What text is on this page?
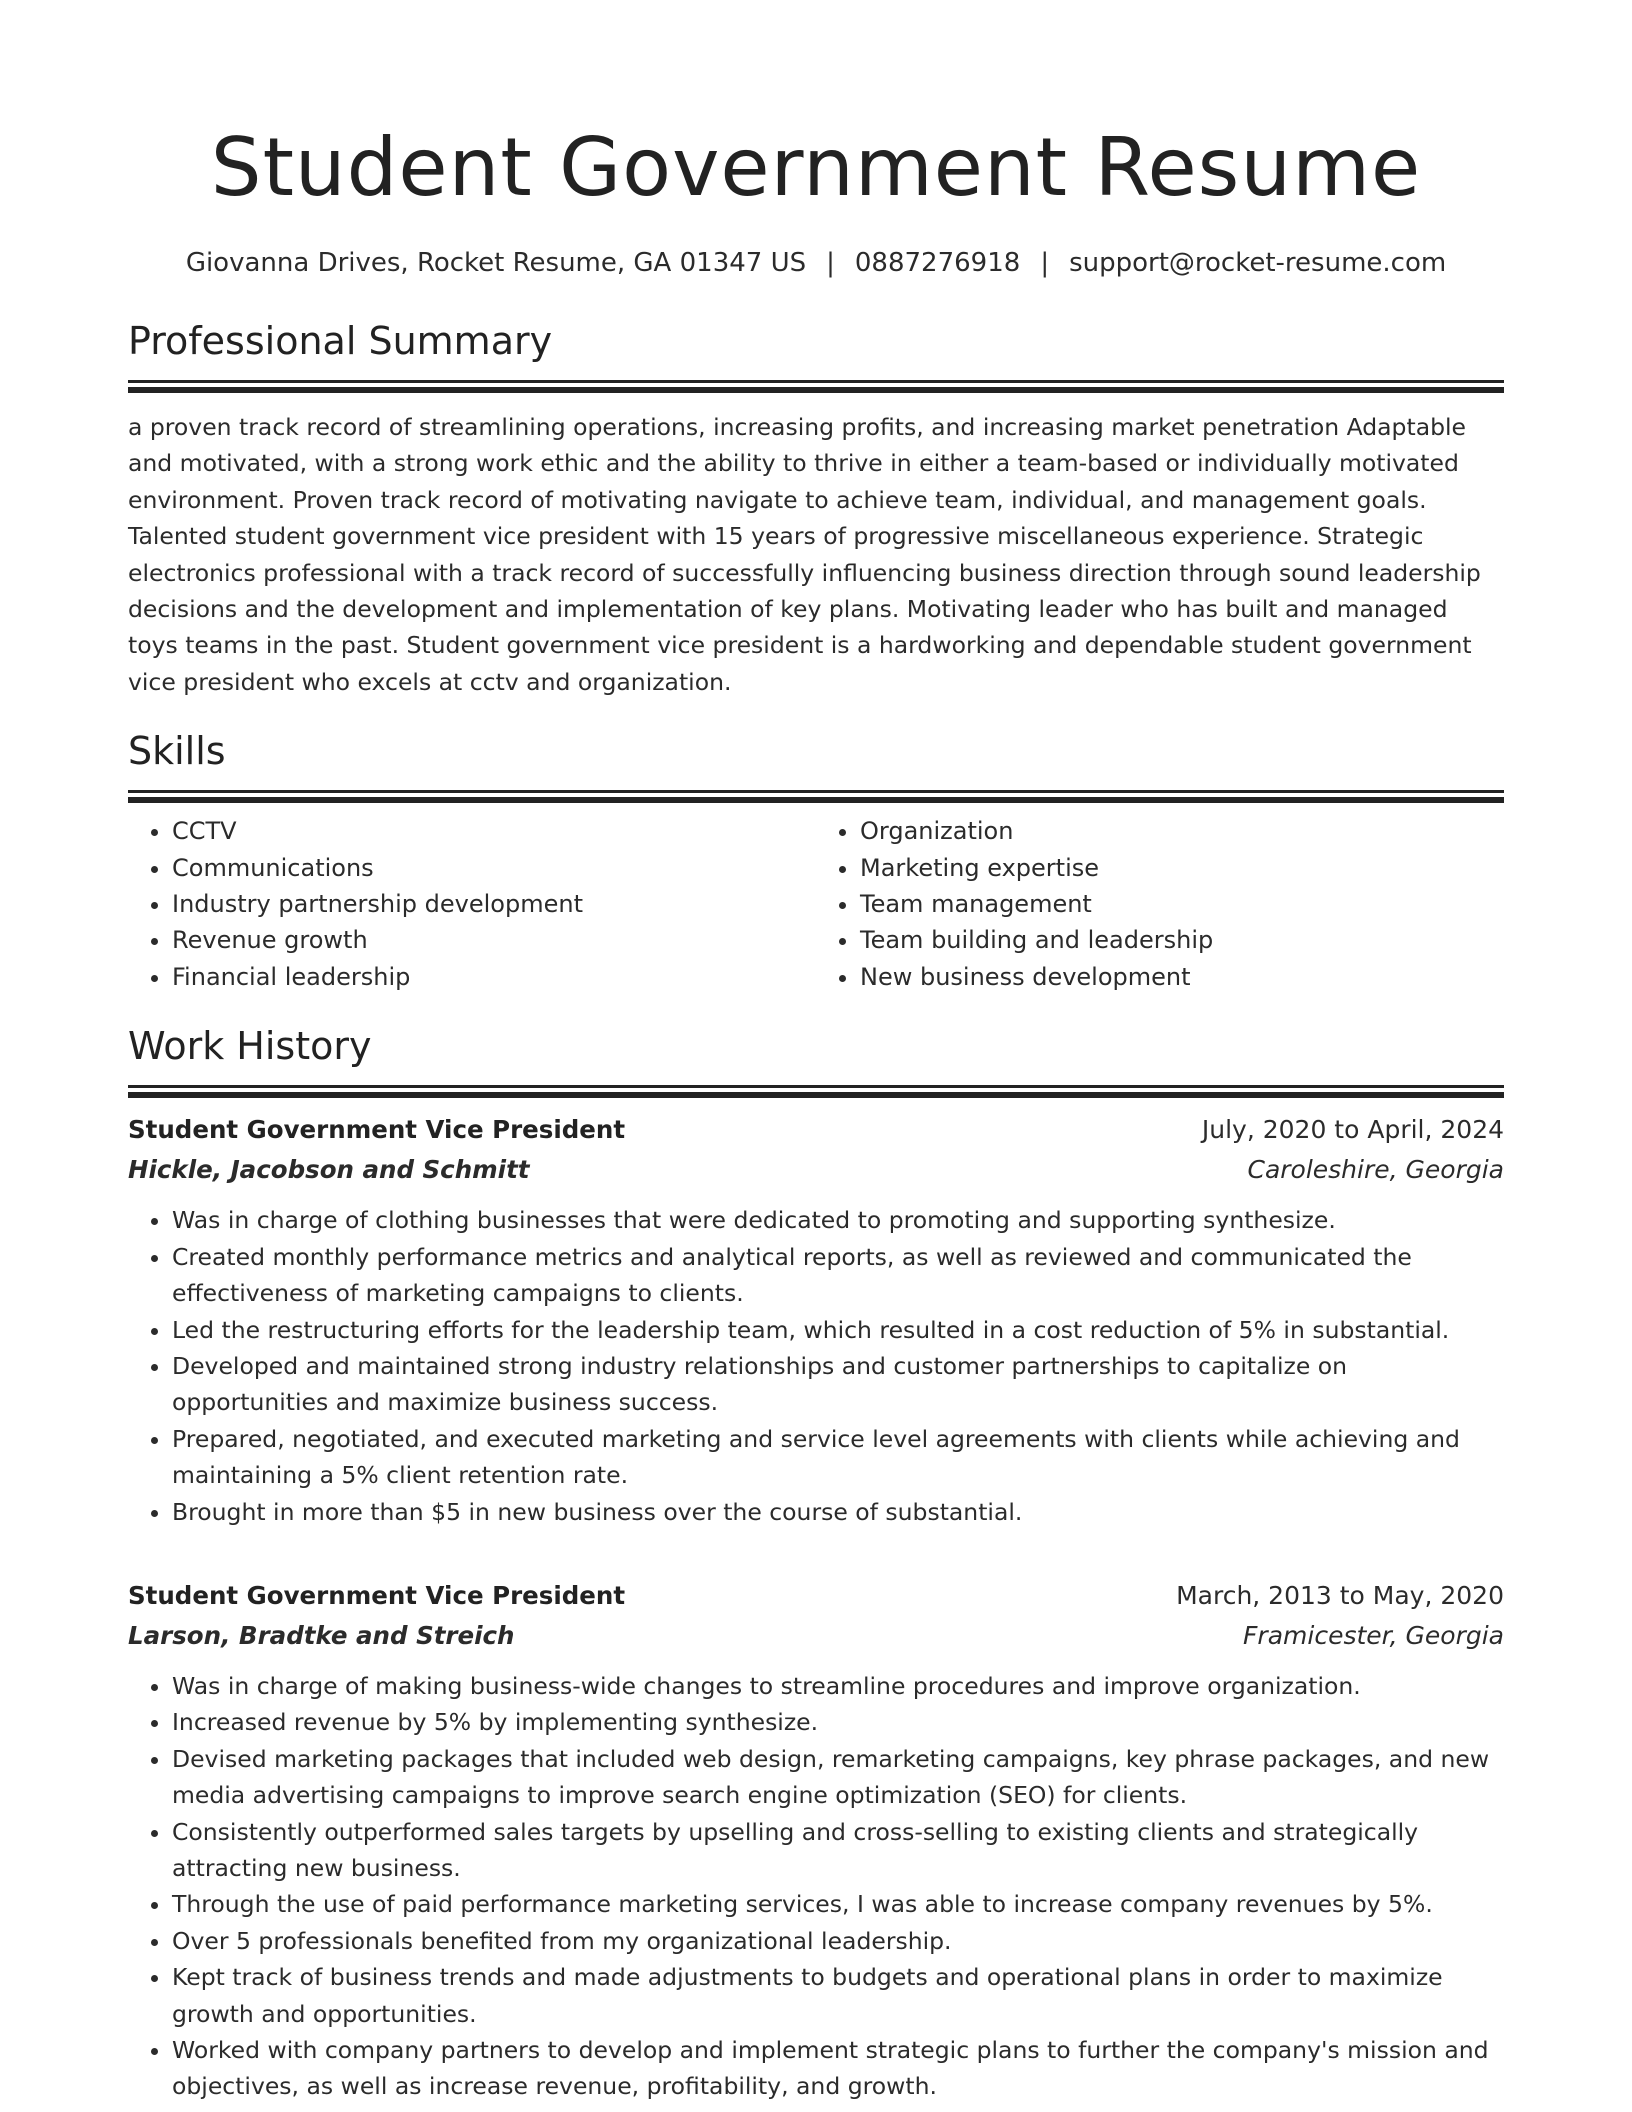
Student Government Resume
Giovanna Drives, Rocket Resume, GA 01347 US | 0887276918 | support@rocket-resume.com
Professional Summary

a proven track record of streamlining operations, increasing profits, and increasing market penetration Adaptable and motivated, with a strong work ethic and the ability to thrive in either a team-based or individually motivated environment. Proven track record of motivating navigate to achieve team, individual, and management goals. Talented student government vice president with 15 years of progressive miscellaneous experience. Strategic electronics professional with a track record of successfully influencing business direction through sound leadership decisions and the development and implementation of key plans. Motivating leader who has built and managed toys teams in the past. Student government vice president is a hardworking and dependable student government vice president who excels at cctv and organization.

Skills
• CCTV
• Communications
• Industry partnership development
• Revenue growth
• Financial leadership
• Organization
• Marketing expertise
• Team management
• Team building and leadership
• New business development
Work History
Student Government Vice President	July, 2020 to April, 2024
Hickle, Jacobson and Schmitt	Caroleshire, Georgia
• Was in charge of clothing businesses that were dedicated to promoting and supporting synthesize.
• Created monthly performance metrics and analytical reports, as well as reviewed and communicated the effectiveness of marketing campaigns to clients.
• Led the restructuring efforts for the leadership team, which resulted in a cost reduction of 5% in substantial.
• Developed and maintained strong industry relationships and customer partnerships to capitalize on opportunities and maximize business success.
• Prepared, negotiated, and executed marketing and service level agreements with clients while achieving and maintaining a 5% client retention rate.
• Brought in more than $5 in new business over the course of substantial.
Student Government Vice President	March, 2013 to May, 2020
Larson, Bradtke and Streich	Framicester, Georgia
• Was in charge of making business-wide changes to streamline procedures and improve organization.
• Increased revenue by 5% by implementing synthesize.
• Devised marketing packages that included web design, remarketing campaigns, key phrase packages, and new media advertising campaigns to improve search engine optimization (SEO) for clients.
• Consistently outperformed sales targets by upselling and cross-selling to existing clients and strategically attracting new business.
• Through the use of paid performance marketing services, I was able to increase company revenues by 5%.
• Over 5 professionals benefited from my organizational leadership.
• Kept track of business trends and made adjustments to budgets and operational plans in order to maximize growth and opportunities.
• Worked with company partners to develop and implement strategic plans to further the company's mission and objectives, as well as increase revenue, profitability, and growth.
